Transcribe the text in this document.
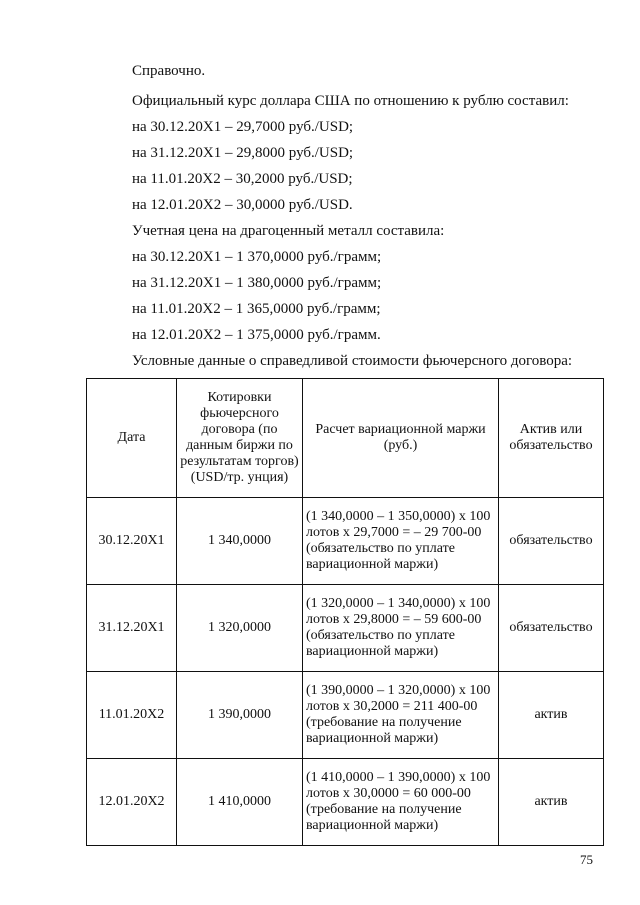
Справочно.
Официальный курс доллара США по отношению к рублю составил:
на 30.12.20Х1 – 29,7000 руб./USD;
на 31.12.20Х1 – 29,8000 руб./USD;
на 11.01.20Х2 – 30,2000 руб./USD;
на 12.01.20Х2 – 30,0000 руб./USD.
Учетная цена на драгоценный металл составила:
на 30.12.20Х1 – 1 370,0000 руб./грамм;
на 31.12.20Х1 – 1 380,0000 руб./грамм;
на 11.01.20Х2 – 1 365,0000 руб./грамм;
на 12.01.20Х2 – 1 375,0000 руб./грамм.
Условные данные о справедливой стоимости фьючерсного договора:
Дата	Котировки фьючерсного договора (по данным биржи по результатам торгов) (USD/тр. унция)	Расчет вариационной маржи (руб.)	Актив или обязательство
30.12.20Х1	1 340,0000	(1 340,0000 – 1 350,0000) х 100 лотов х 29,7000 = – 29 700-00 (обязательство по уплате вариационной маржи)	обязательство
31.12.20Х1	1 320,0000	(1 320,0000 – 1 340,0000) х 100 лотов х 29,8000 = – 59 600-00 (обязательство по уплате вариационной маржи)	обязательство
11.01.20Х2	1 390,0000	(1 390,0000 – 1 320,0000) х 100 лотов х 30,2000 = 211 400-00 (требование на получение вариационной маржи)	актив
12.01.20Х2	1 410,0000	(1 410,0000 – 1 390,0000) х 100 лотов х 30,0000 = 60 000-00 (требование на получение вариационной маржи)	актив
75
